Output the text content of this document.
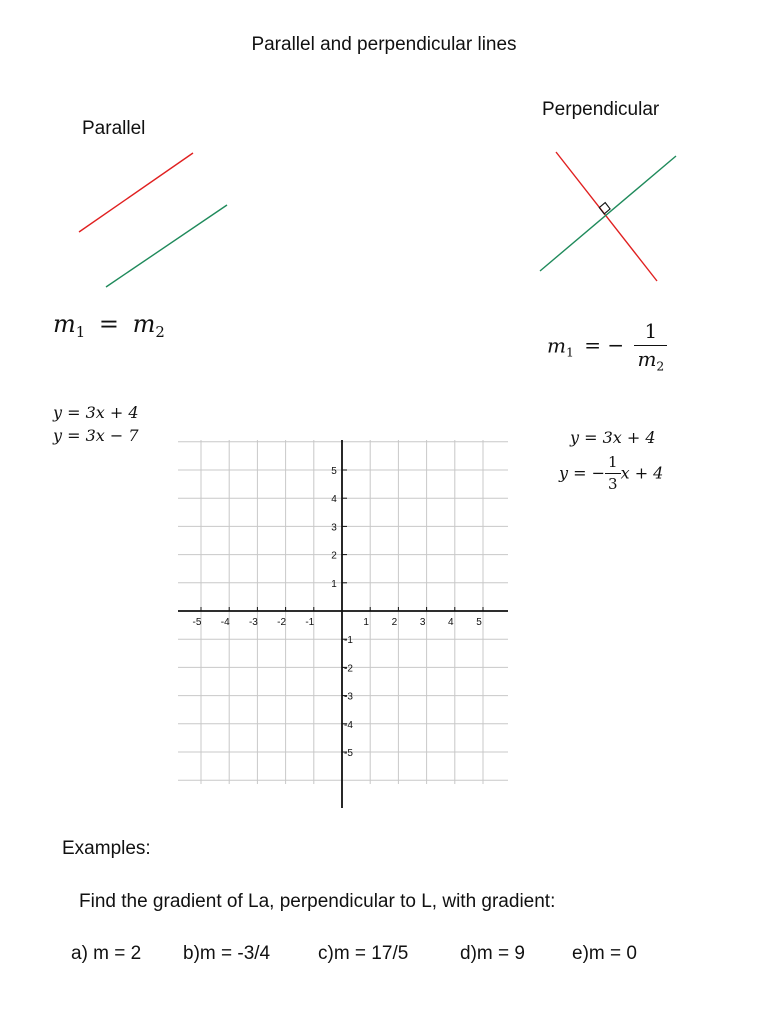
Parallel and perpendicular lines
Parallel
$m_1 = m_2$
y = 3x + 4
y = 3x − 7
Perpendicular
$m_1$ = − $\frac{1}{m_2}$
y = 3x + 4
y = − $\frac{1}{3}$ x + 4
-5 -4 -3 -2 -1	1 2 3 4 5
5
4
3
2
1
-1
-2
-3
-4
-5
Examples:
Find the gradient of La, perpendicular to L, with gradient:
a) m = 2 b)m = -3/4	c)m = 17/5	d)m = 9 e)m = 0
